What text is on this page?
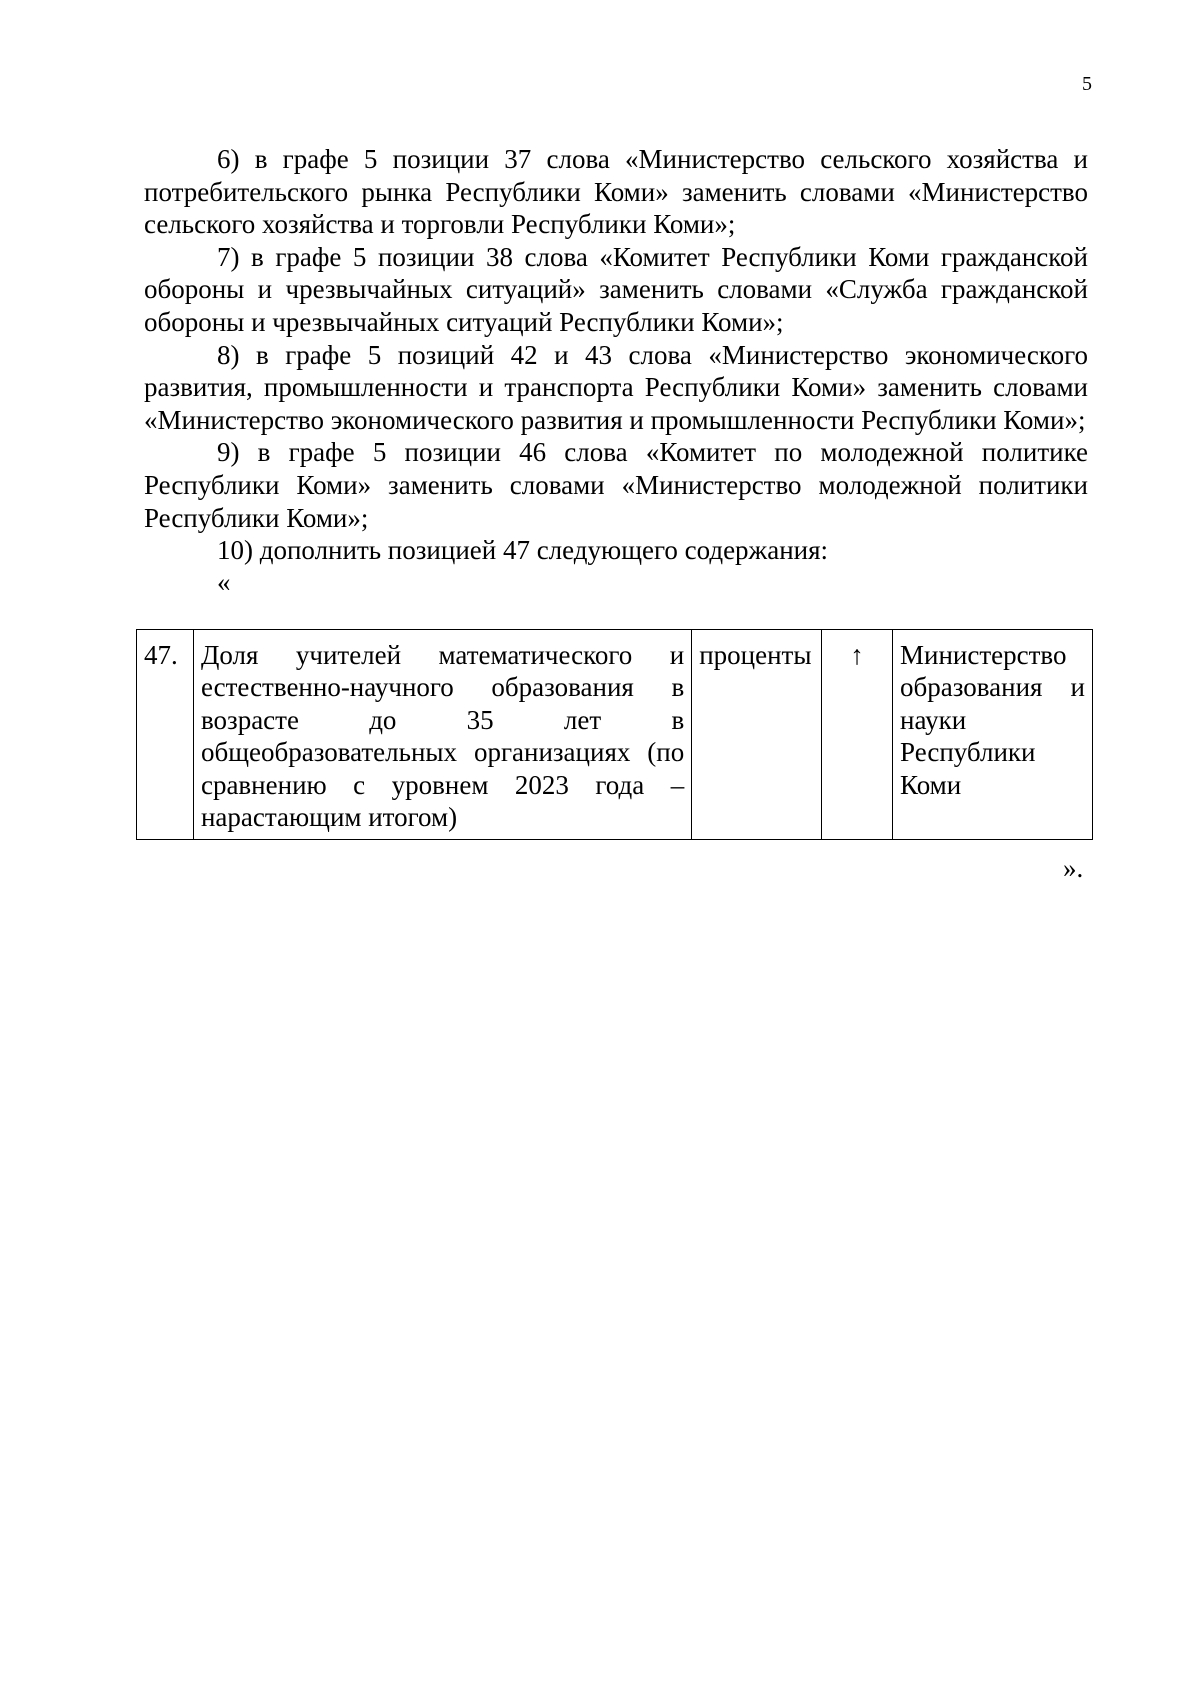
5

6) в графе 5 позиции 37 слова «Министерство сельского хозяйства и потребительского рынка Республики Коми» заменить словами «Министерство сельского хозяйства и торговли Республики Коми»;

7) в графе 5 позиции 38 слова «Комитет Республики Коми гражданской обороны и чрезвычайных ситуаций» заменить словами «Служба гражданской обороны и чрезвычайных ситуаций Республики Коми»;

8) в графе 5 позиций 42 и 43 слова «Министерство экономического развития, промышленности и транспорта Республики Коми» заменить словами «Министерство экономического развития и промышленности Республики Коми»;

9) в графе 5 позиции 46 слова «Комитет по молодежной политике Республики Коми» заменить словами «Министерство молодежной политики Республики Коми»;

10) дополнить позицией 47 следующего содержания:

«

47.	Доля учителей математического и естественно-научного образования в возрасте до 35 лет в общеобразовательных организациях (по сравнению с уровнем 2023 года – нарастающим итогом)	проценты	↑	Министерство образования и науки Республики Коми
».
